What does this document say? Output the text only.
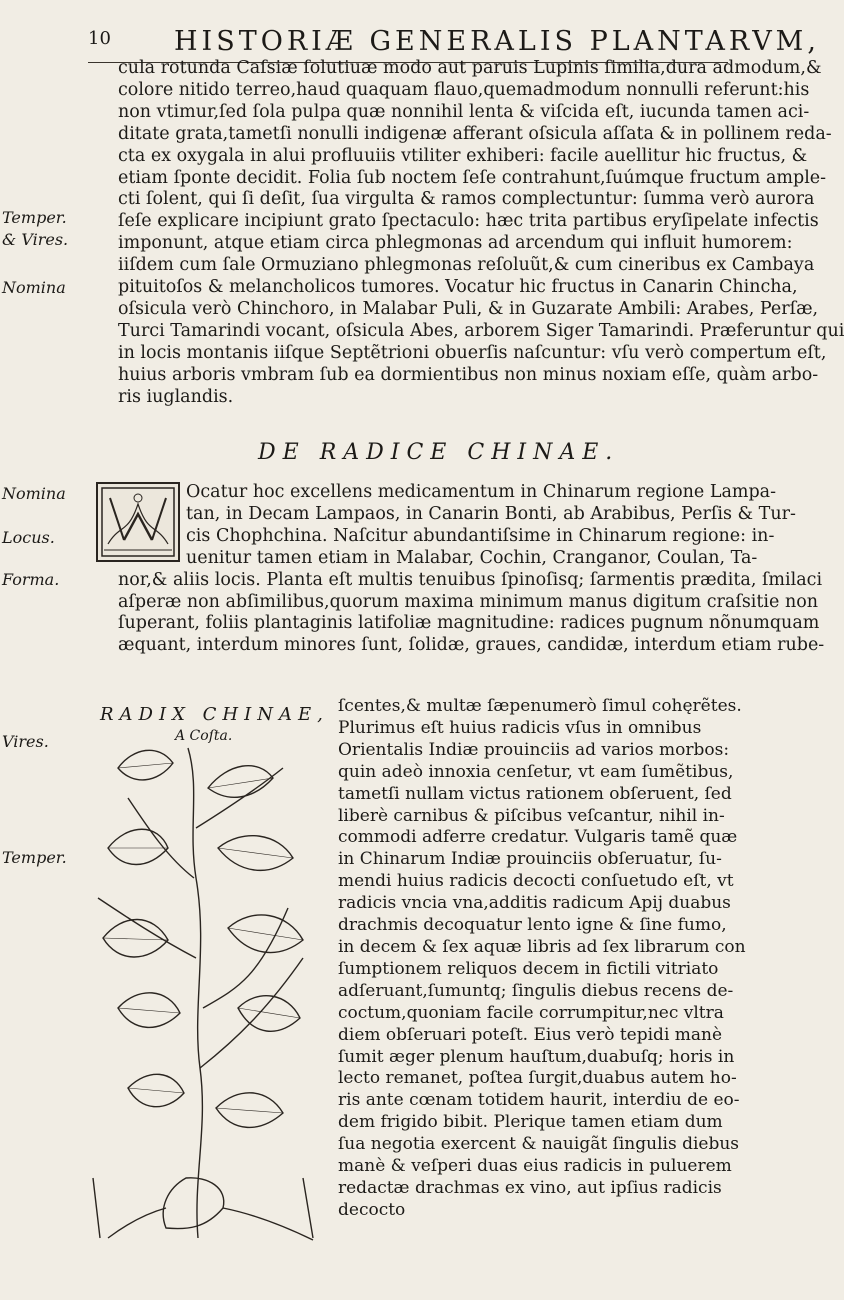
10 HISTORIÆ GENERALIS PLANTARVM,
cula rotunda Caſsiæ ſolutiuæ modo aut paruis Lupinis ſimilia,dura admodum,&
colore nitido terreo,haud quaquam flauo,quemadmodum nonnulli referunt:his
non vtimur,ſed ſola pulpa quæ nonnihil lenta & viſcida eſt, iucunda tamen aci-
ditate grata,tametſi nonulli indigenæ afferant oſsicula aſſata & in pollinem reda-
cta ex oxygala in alui profluuiis vtiliter exhiberi: facile auellitur hic fructus, &
etiam ſponte decidit. Folia ſub noctem ſeſe contrahunt,ſuúmque fructum ample-
cti ſolent, qui ſi deſit, ſua virgulta & ramos complectuntur: ſumma verò aurora
ſeſe explicare incipiunt grato ſpectaculo: hæc trita partibus eryſipelate infectis
imponunt, atque etiam circa phlegmonas ad arcendum qui influit humorem:
iiſdem cum ſale Ormuziano phlegmonas reſoluũt,& cum cineribus ex Cambaya
pituitoſos & melancholicos tumores. Vocatur hic fructus in Canarin Chincha,
oſsicula verò Chinchoro, in Malabar Puli, & in Guzarate Ambili: Arabes, Perſæ,
Turci Tamarindi vocant, oſsicula Abes, arborem Siger Tamarindi. Præferuntur qui
in locis montanis iiſque Septẽtrioni obuerſis naſcuntur: vſu verò compertum eſt,
huius arboris vmbram ſub ea dormientibus non minus noxiam eſſe, quàm arbo-
ris iuglandis.
Temper.
& Vires.
Nomina
DE RADICE CHINAE.
Ocatur hoc excellens medicamentum in Chinarum regione Lampa-
tan, in Decam Lampaos, in Canarin Bonti, ab Arabibus, Perſis & Tur-
cis Chophchina. Naſcitur abundantiſsime in Chinarum regione: in-
uenitur tamen etiam in Malabar, Cochin, Cranganor, Coulan, Ta-
nor,& aliis locis. Planta eſt multis tenuibus ſpinoſisq; ſarmentis prædita, ſmilaci
aſperæ non abſimilibus,quorum maxima minimum manus digitum craſsitie non
ſuperant, foliis plantaginis latifoliæ magnitudine: radices pugnum nõnumquam
æquant, interdum minores ſunt, ſolidæ, graues, candidæ, interdum etiam rube-
Nomina
Locus.
Forma.
Vires.
Temper.
RADIX CHINAE,
A Coſta.
ſcentes,& multæ ſæpenumerò ſimul cohęrẽtes.
Plurimus eſt huius radicis vſus in omnibus
Orientalis Indiæ prouinciis ad varios morbos:
quin adeò innoxia cenſetur, vt eam ſumẽtibus,
tametſi nullam victus rationem obſeruent, ſed
liberè carnibus & piſcibus veſcantur, nihil in-
commodi adferre credatur. Vulgaris tamẽ quæ
in Chinarum Indiæ prouinciis obſeruatur, ſu-
mendi huius radicis decocti conſuetudo eſt, vt
radicis vncia vna,additis radicum Apij duabus
drachmis decoquatur lento igne & ſine fumo,
in decem & ſex aquæ libris ad ſex librarum con
ſumptionem reliquos decem in fictili vitriato
adſeruant,ſumuntq; ſingulis diebus recens de-
coctum,quoniam facile corrumpitur,nec vltra
diem obſeruari poteſt. Eius verò tepidi manè
ſumit æger plenum hauſtum,duabuſq; horis in
lecto remanet, poſtea ſurgit,duabus autem ho-
ris ante cœnam totidem haurit, interdiu de eo-
dem frigido bibit. Plerique tamen etiam dum
ſua negotia exercent & nauigãt ſingulis diebus
manè & veſperi duas eius radicis in puluerem
redactæ drachmas ex vino, aut ipſius radicis
decocto
